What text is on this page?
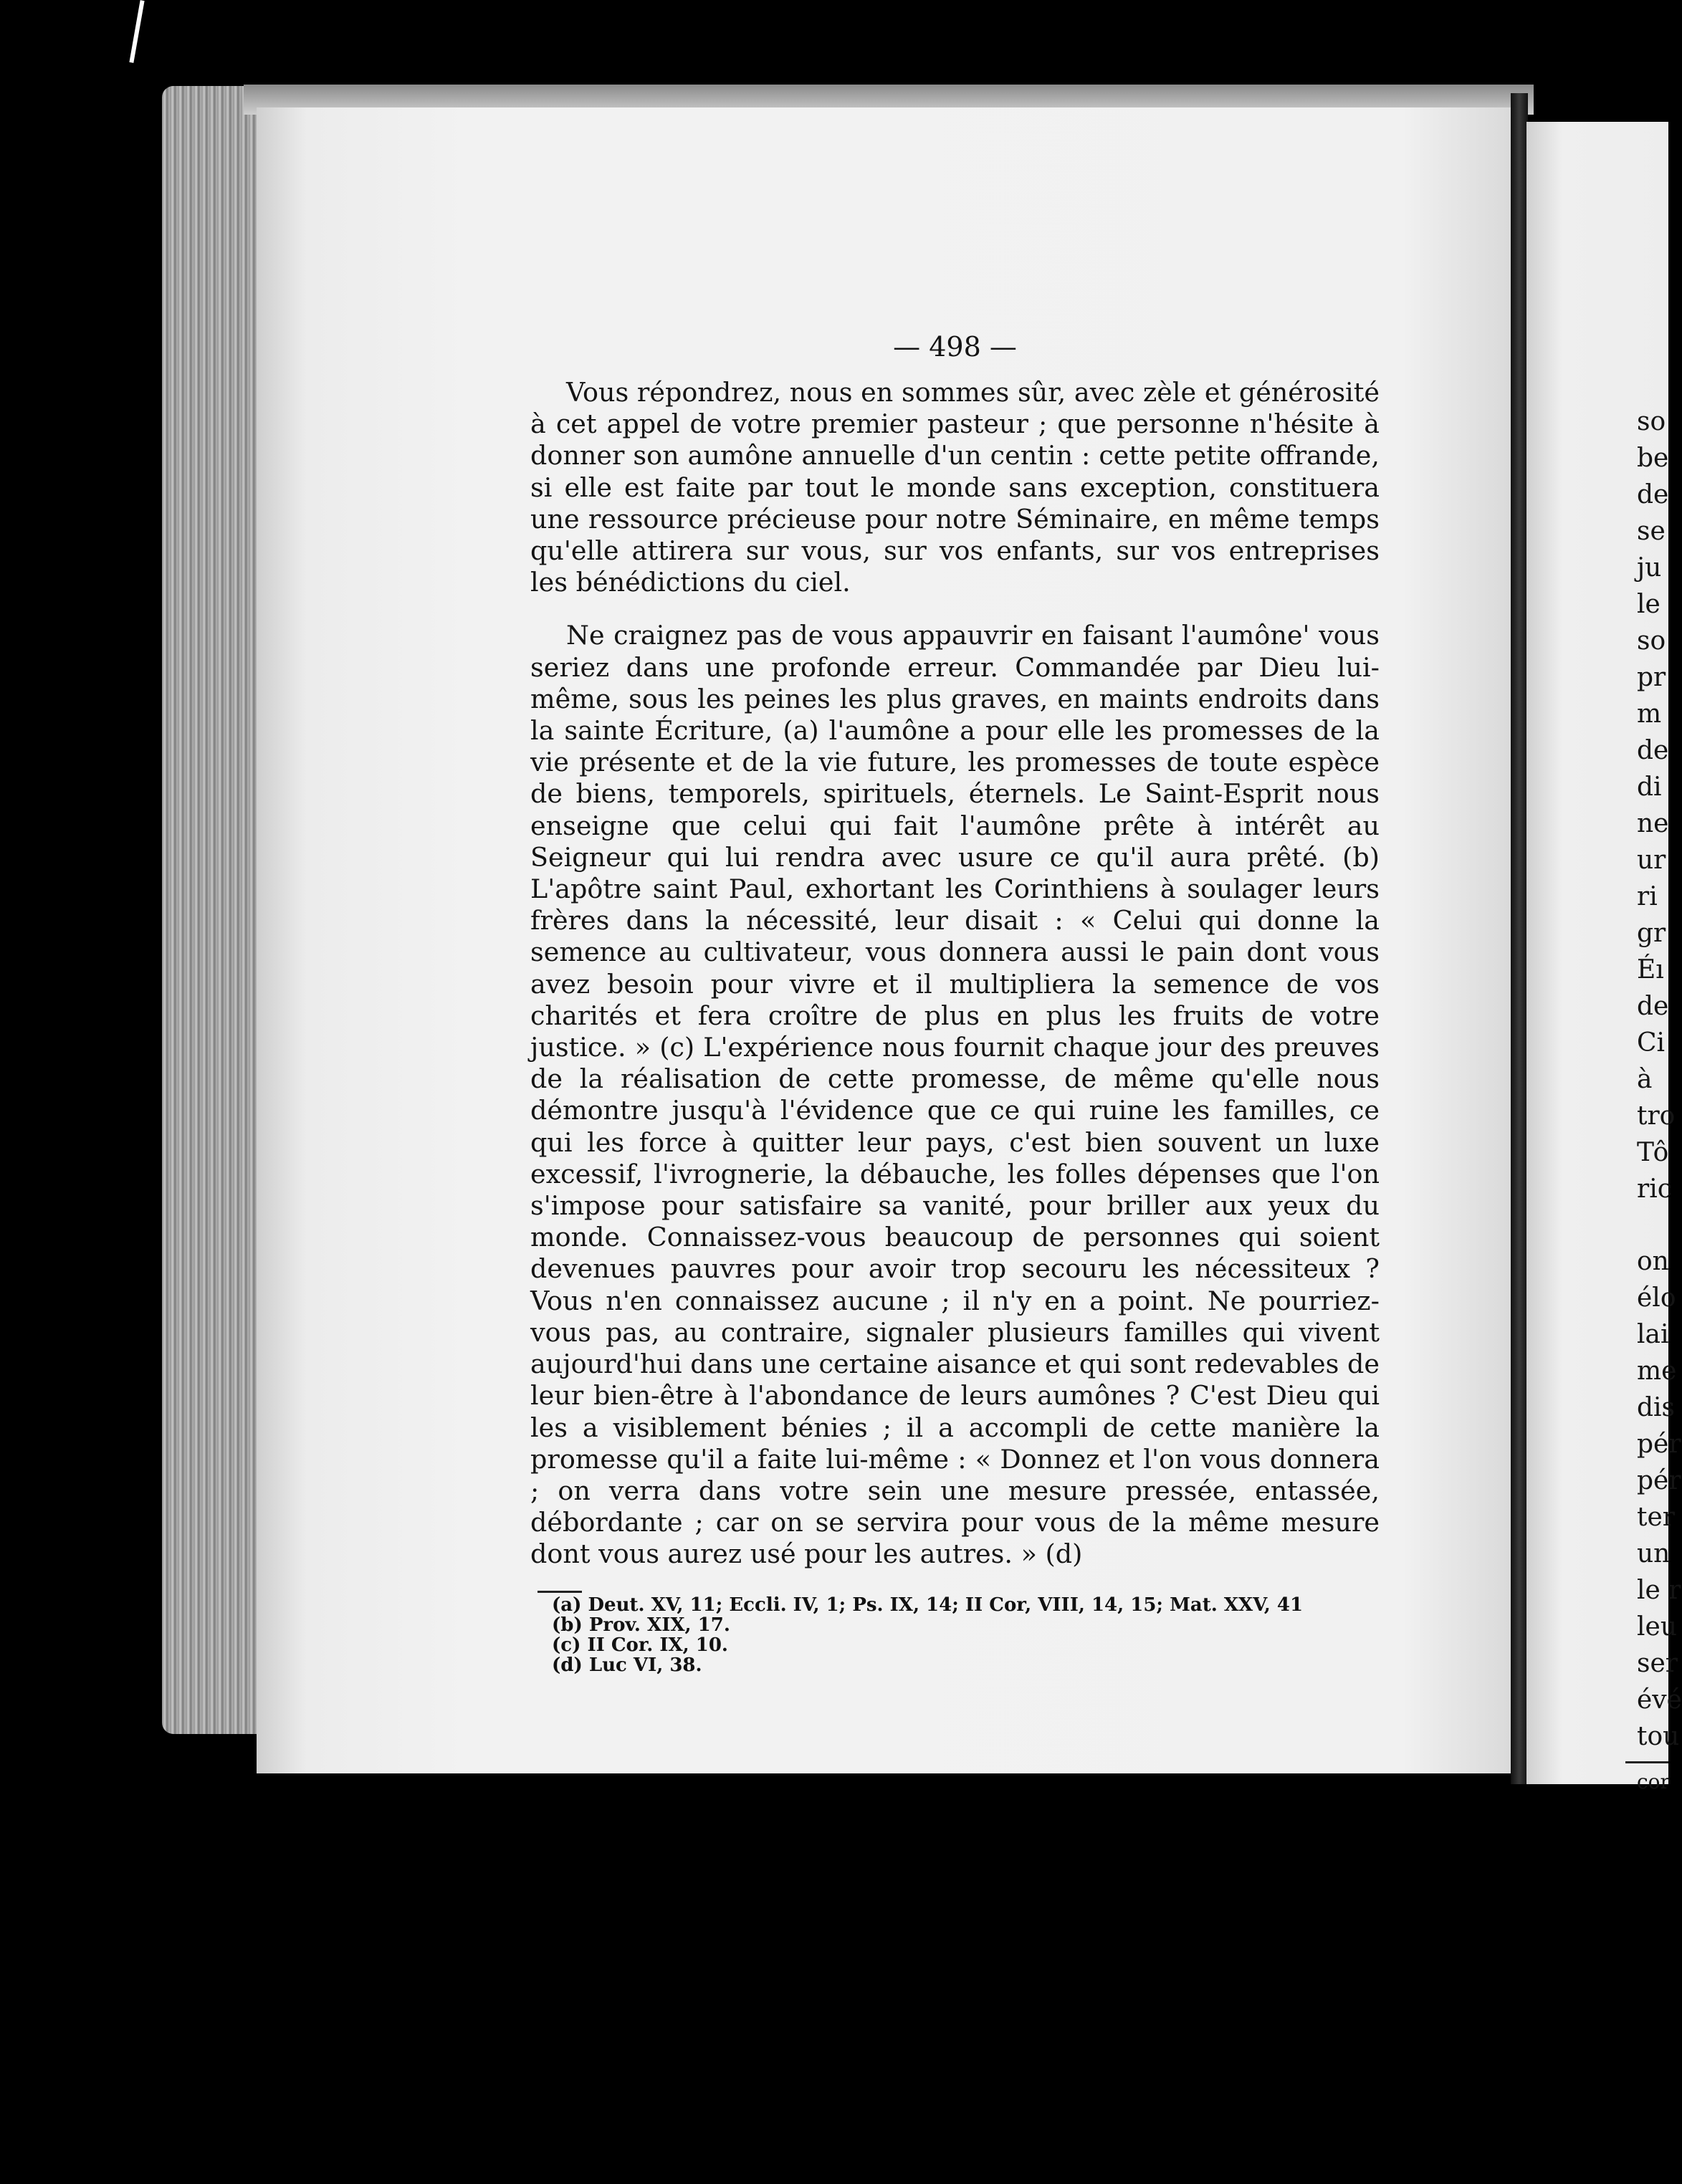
— 498 —

Vous répondrez, nous en sommes sûr, avec zèle et générosité à cet appel de votre premier pasteur ; que personne n'hésite à donner son aumône annuelle d'un centin : cette petite offrande, si elle est faite par tout le monde sans exception, constituera une ressource précieuse pour notre Séminaire, en même temps qu'elle attirera sur vous, sur vos enfants, sur vos entreprises les bénédictions du ciel.

Ne craignez pas de vous appauvrir en faisant l'aumône' vous seriez dans une profonde erreur. Commandée par Dieu lui-même, sous les peines les plus graves, en maints endroits dans la sainte Écriture, (a) l'aumône a pour elle les promesses de la vie présente et de la vie future, les promesses de toute espèce de biens, temporels, spirituels, éternels. Le Saint-Esprit nous enseigne que celui qui fait l'aumône prête à intérêt au Seigneur qui lui rendra avec usure ce qu'il aura prêté. (b) L'apôtre saint Paul, exhortant les Corinthiens à soulager leurs frères dans la nécessité, leur disait : « Celui qui donne la semence au cultivateur, vous donnera aussi le pain dont vous avez besoin pour vivre et il multipliera la semence de vos charités et fera croître de plus en plus les fruits de votre justice. » (c) L'expérience nous fournit chaque jour des preuves de la réalisation de cette promesse, de même qu'elle nous démontre jusqu'à l'évidence que ce qui ruine les familles, ce qui les force à quitter leur pays, c'est bien souvent un luxe excessif, l'ivrognerie, la débauche, les folles dépenses que l'on s'impose pour satisfaire sa vanité, pour briller aux yeux du monde. Connaissez-vous beaucoup de personnes qui soient devenues pauvres pour avoir trop secouru les nécessiteux ? Vous n'en connaissez aucune ; il n'y en a point. Ne pourriez-vous pas, au contraire, signaler plusieurs familles qui vivent aujourd'hui dans une certaine aisance et qui sont redevables de leur bien-être à l'abondance de leurs aumônes ? C'est Dieu qui les a visiblement bénies ; il a accompli de cette manière la promesse qu'il a faite lui-même : « Donnez et l'on vous donnera ; on verra dans votre sein une mesure pressée, entassée, débordante ; car on se servira pour vous de la même mesure dont vous aurez usé pour les autres. » (d)

(a) Deut. XV, 11; Eccli. IV, 1; Ps. IX, 14; II Cor, VIII, 14, 15; Mat. XXV, 41
(b) Prov. XIX, 17.
(c) II Cor. IX, 10.
(d) Luc VI, 38.
so
be
de
se
ju
le
so
pr
m
de
di
ne
ur
ri
gr
Éı
de
Ci
à
tro
Tô
ric
on
élo
lai
me
dis
pér
pér
ter
un
le r
leu
ser
évé
tou
cor
